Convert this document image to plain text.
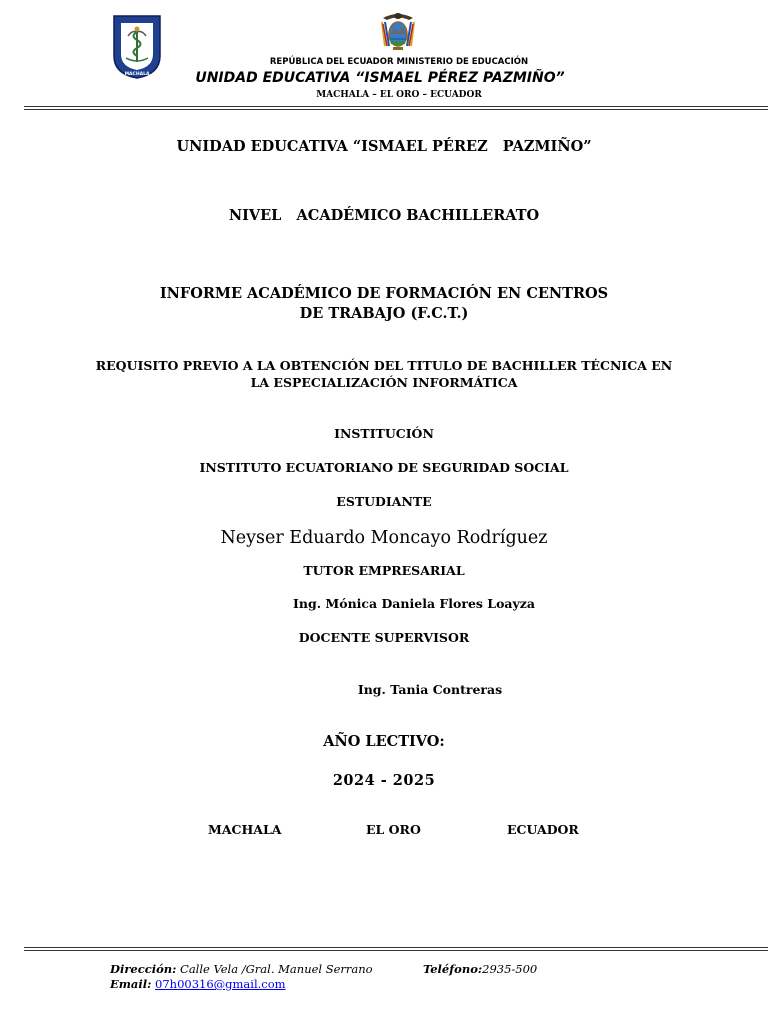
MACHALA
REPÚBLICA DEL ECUADOR MINISTERIO DE EDUCACIÓN
UNIDAD EDUCATIVA “ISMAEL PÉREZ PAZMIÑO”
MACHALA – EL ORO – ECUADOR
UNIDAD EDUCATIVA “ISMAEL PÉREZ   PAZMIÑO”
NIVEL   ACADÉMICO BACHILLERATO
INFORME ACADÉMICO DE FORMACIÓN EN CENTROS
DE TRABAJO (F.C.T.)
REQUISITO PREVIO A LA OBTENCIÓN DEL TITULO DE BACHILLER TÉCNICA EN
LA ESPECIALIZACIÓN INFORMÁTICA
INSTITUCIÓN
INSTITUTO ECUATORIANO DE SEGURIDAD SOCIAL
ESTUDIANTE
Neyser Eduardo Moncayo Rodríguez
TUTOR EMPRESARIAL
Ing. Mónica Daniela Flores Loayza
DOCENTE SUPERVISOR
Ing. Tania Contreras
AÑO LECTIVO:
2024 - 2025
MACHALA	EL ORO	ECUADOR
Dirección: Calle Vela /Gral. Manuel Serrano	Teléfono:2935-500
Email: 07h00316@gmail.com
